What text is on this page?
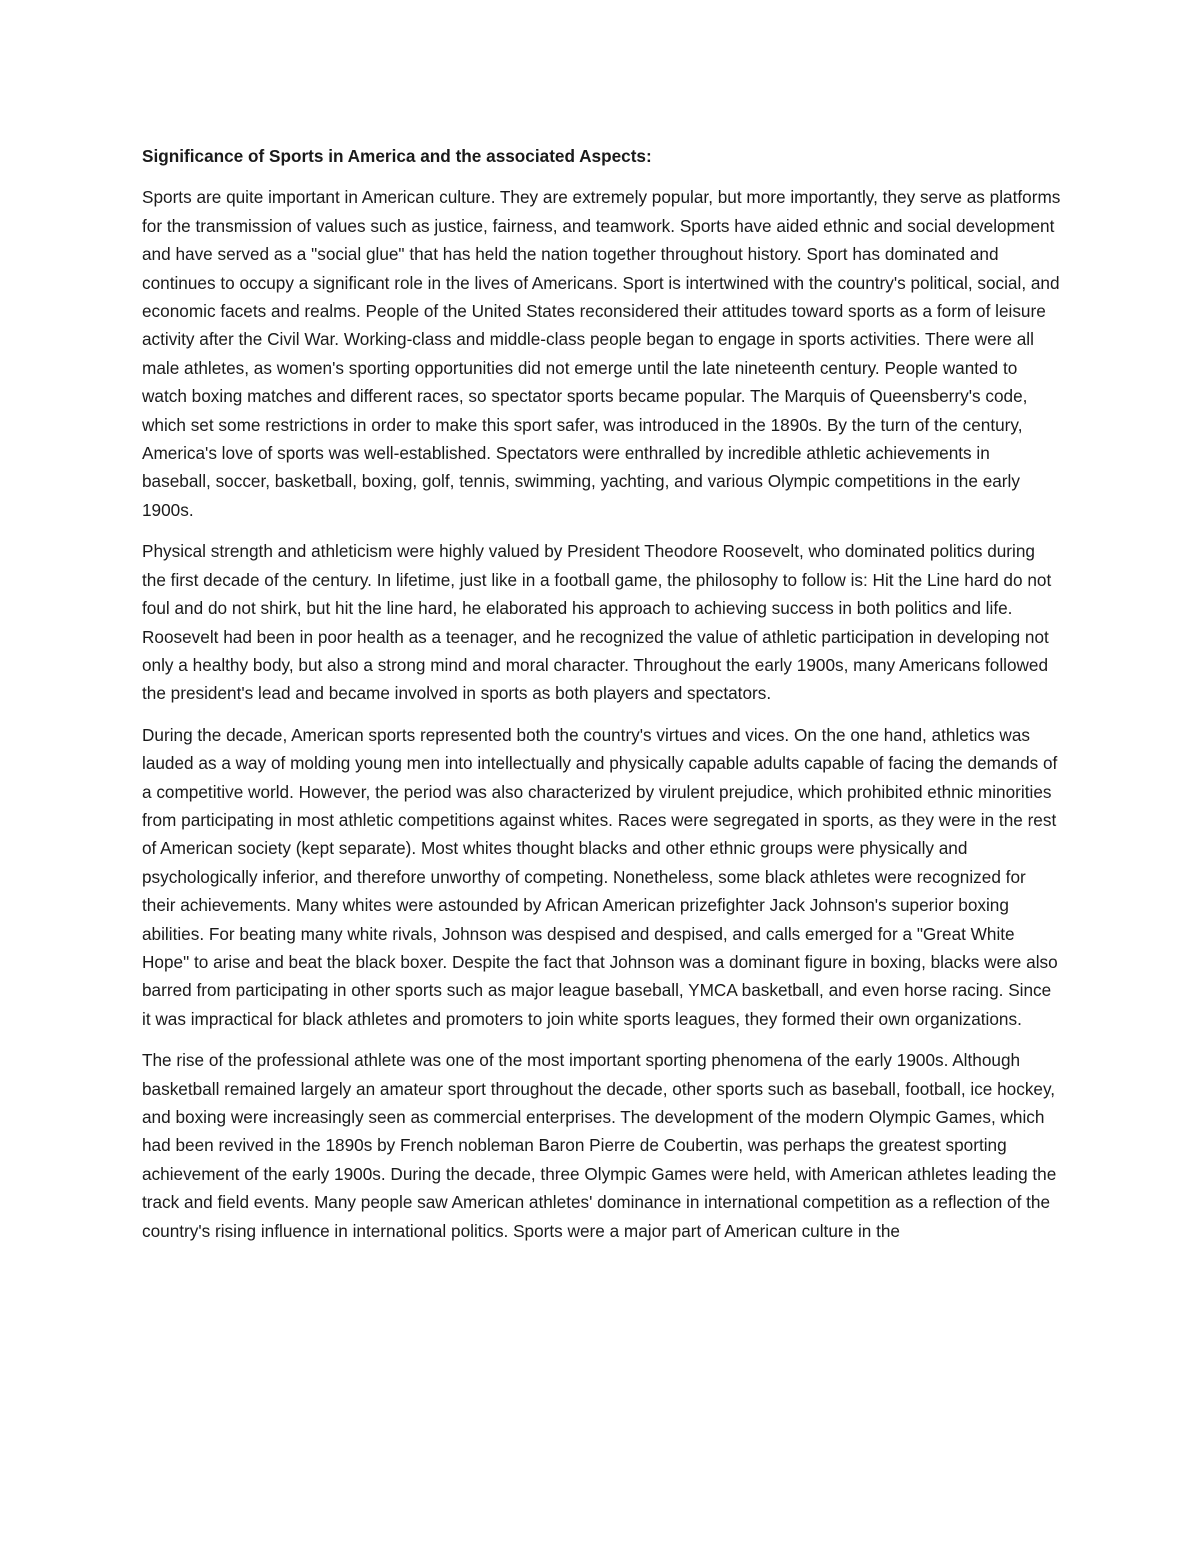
Significance of Sports in America and the associated Aspects:

Sports are quite important in American culture. They are extremely popular, but more importantly, they serve as platforms for the transmission of values such as justice, fairness, and teamwork. Sports have aided ethnic and social development and have served as a "social glue" that has held the nation together throughout history. Sport has dominated and continues to occupy a significant role in the lives of Americans. Sport is intertwined with the country's political, social, and economic facets and realms. People of the United States reconsidered their attitudes toward sports as a form of leisure activity after the Civil War. Working-class and middle-class people began to engage in sports activities. There were all male athletes, as women's sporting opportunities did not emerge until the late nineteenth century. People wanted to watch boxing matches and different races, so spectator sports became popular. The Marquis of Queensberry's code, which set some restrictions in order to make this sport safer, was introduced in the 1890s. By the turn of the century, America's love of sports was well-established. Spectators were enthralled by incredible athletic achievements in baseball, soccer, basketball, boxing, golf, tennis, swimming, yachting, and various Olympic competitions in the early 1900s.

Physical strength and athleticism were highly valued by President Theodore Roosevelt, who dominated politics during the first decade of the century. In lifetime, just like in a football game, the philosophy to follow is: Hit the Line hard do not foul and do not shirk, but hit the line hard, he elaborated his approach to achieving success in both politics and life. Roosevelt had been in poor health as a teenager, and he recognized the value of athletic participation in developing not only a healthy body, but also a strong mind and moral character. Throughout the early 1900s, many Americans followed the president's lead and became involved in sports as both players and spectators.

During the decade, American sports represented both the country's virtues and vices. On the one hand, athletics was lauded as a way of molding young men into intellectually and physically capable adults capable of facing the demands of a competitive world. However, the period was also characterized by virulent prejudice, which prohibited ethnic minorities from participating in most athletic competitions against whites. Races were segregated in sports, as they were in the rest of American society (kept separate). Most whites thought blacks and other ethnic groups were physically and psychologically inferior, and therefore unworthy of competing. Nonetheless, some black athletes were recognized for their achievements. Many whites were astounded by African American prizefighter Jack Johnson's superior boxing abilities. For beating many white rivals, Johnson was despised and despised, and calls emerged for a "Great White Hope" to arise and beat the black boxer. Despite the fact that Johnson was a dominant figure in boxing, blacks were also barred from participating in other sports such as major league baseball, YMCA basketball, and even horse racing. Since it was impractical for black athletes and promoters to join white sports leagues, they formed their own organizations.

The rise of the professional athlete was one of the most important sporting phenomena of the early 1900s. Although basketball remained largely an amateur sport throughout the decade, other sports such as baseball, football, ice hockey, and boxing were increasingly seen as commercial enterprises. The development of the modern Olympic Games, which had been revived in the 1890s by French nobleman Baron Pierre de Coubertin, was perhaps the greatest sporting achievement of the early 1900s. During the decade, three Olympic Games were held, with American athletes leading the track and field events. Many people saw American athletes' dominance in international competition as a reflection of the country's rising influence in international politics. Sports were a major part of American culture in the
